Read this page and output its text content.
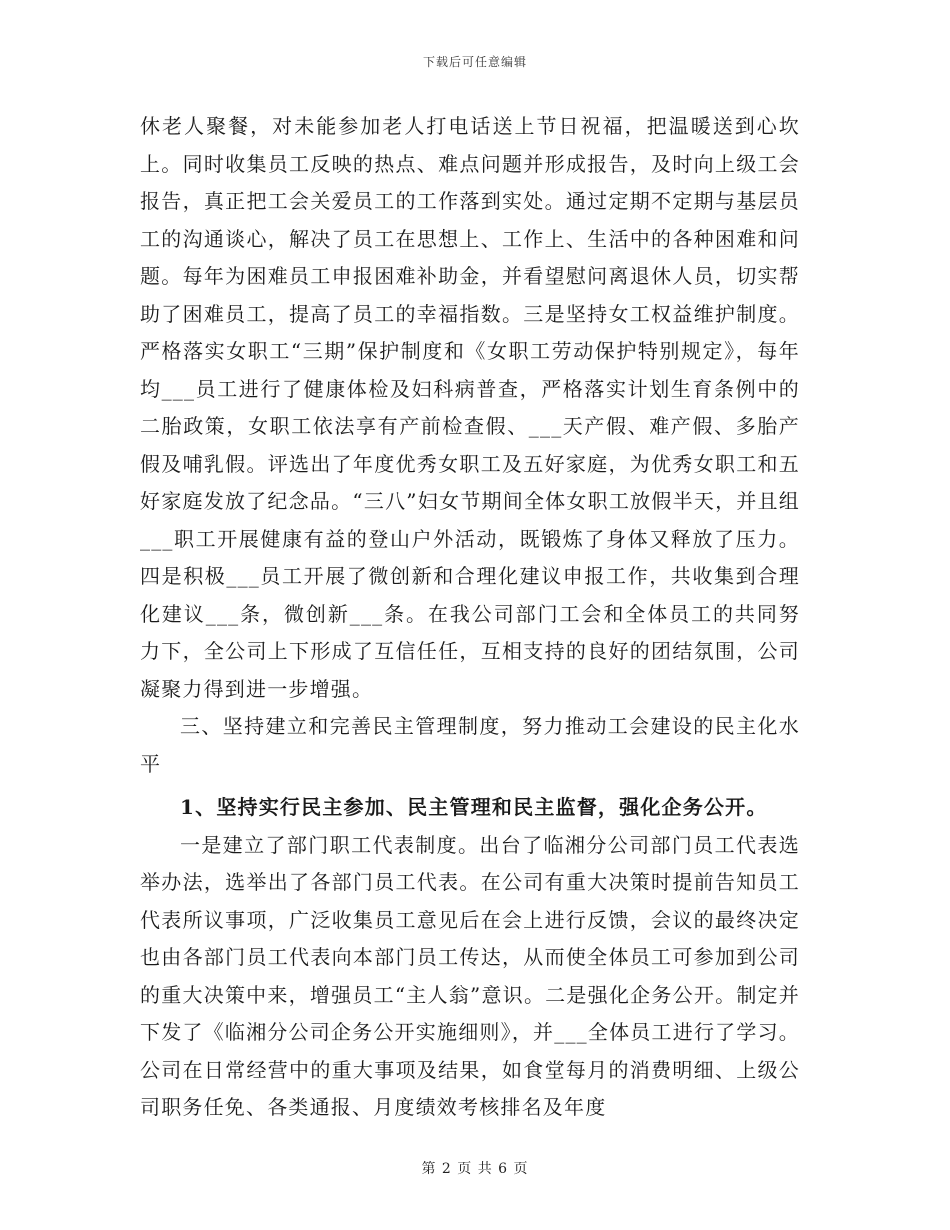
下载后可任意编辑

休老人聚餐，对未能参加老人打电话送上节日祝福，把温暖送到心坎上。同时收集员工反映的热点、难点问题并形成报告，及时向上级工会报告，真正把工会关爱员工的工作落到实处。通过定期不定期与基层员工的沟通谈心，解决了员工在思想上、工作上、生活中的各种困难和问题。每年为困难员工申报困难补助金，并看望慰问离退休人员，切实帮助了困难员工，提高了员工的幸福指数。三是坚持女工权益维护制度。严格落实女职工“三期”保护制度和《女职工劳动保护特别规定》，每年均___员工进行了健康体检及妇科病普查，严格落实计划生育条例中的二胎政策，女职工依法享有产前检查假、___天产假、难产假、多胎产假及哺乳假。评选出了年度优秀女职工及五好家庭，为优秀女职工和五好家庭发放了纪念品。“三八”妇女节期间全体女职工放假半天，并且组___职工开展健康有益的登山户外活动，既锻炼了身体又释放了压力。四是积极___员工开展了微创新和合理化建议申报工作，共收集到合理化建议___条，微创新___条。在我公司部门工会和全体员工的共同努力下，全公司上下形成了互信任任，互相支持的良好的团结氛围，公司凝聚力得到进一步增强。

三、坚持建立和完善民主管理制度，努力推动工会建设的民主化水平

1、坚持实行民主参加、民主管理和民主监督，强化企务公开。

一是建立了部门职工代表制度。出台了临湘分公司部门员工代表选举办法，选举出了各部门员工代表。在公司有重大决策时提前告知员工代表所议事项，广泛收集员工意见后在会上进行反馈，会议的最终决定也由各部门员工代表向本部门员工传达，从而使全体员工可参加到公司的重大决策中来，增强员工“主人翁”意识。二是强化企务公开。制定并下发了《临湘分公司企务公开实施细则》，并___全体员工进行了学习。公司在日常经营中的重大事项及结果，如食堂每月的消费明细、上级公司职务任免、各类通报、月度绩效考核排名及年度

第 2 页 共 6 页
